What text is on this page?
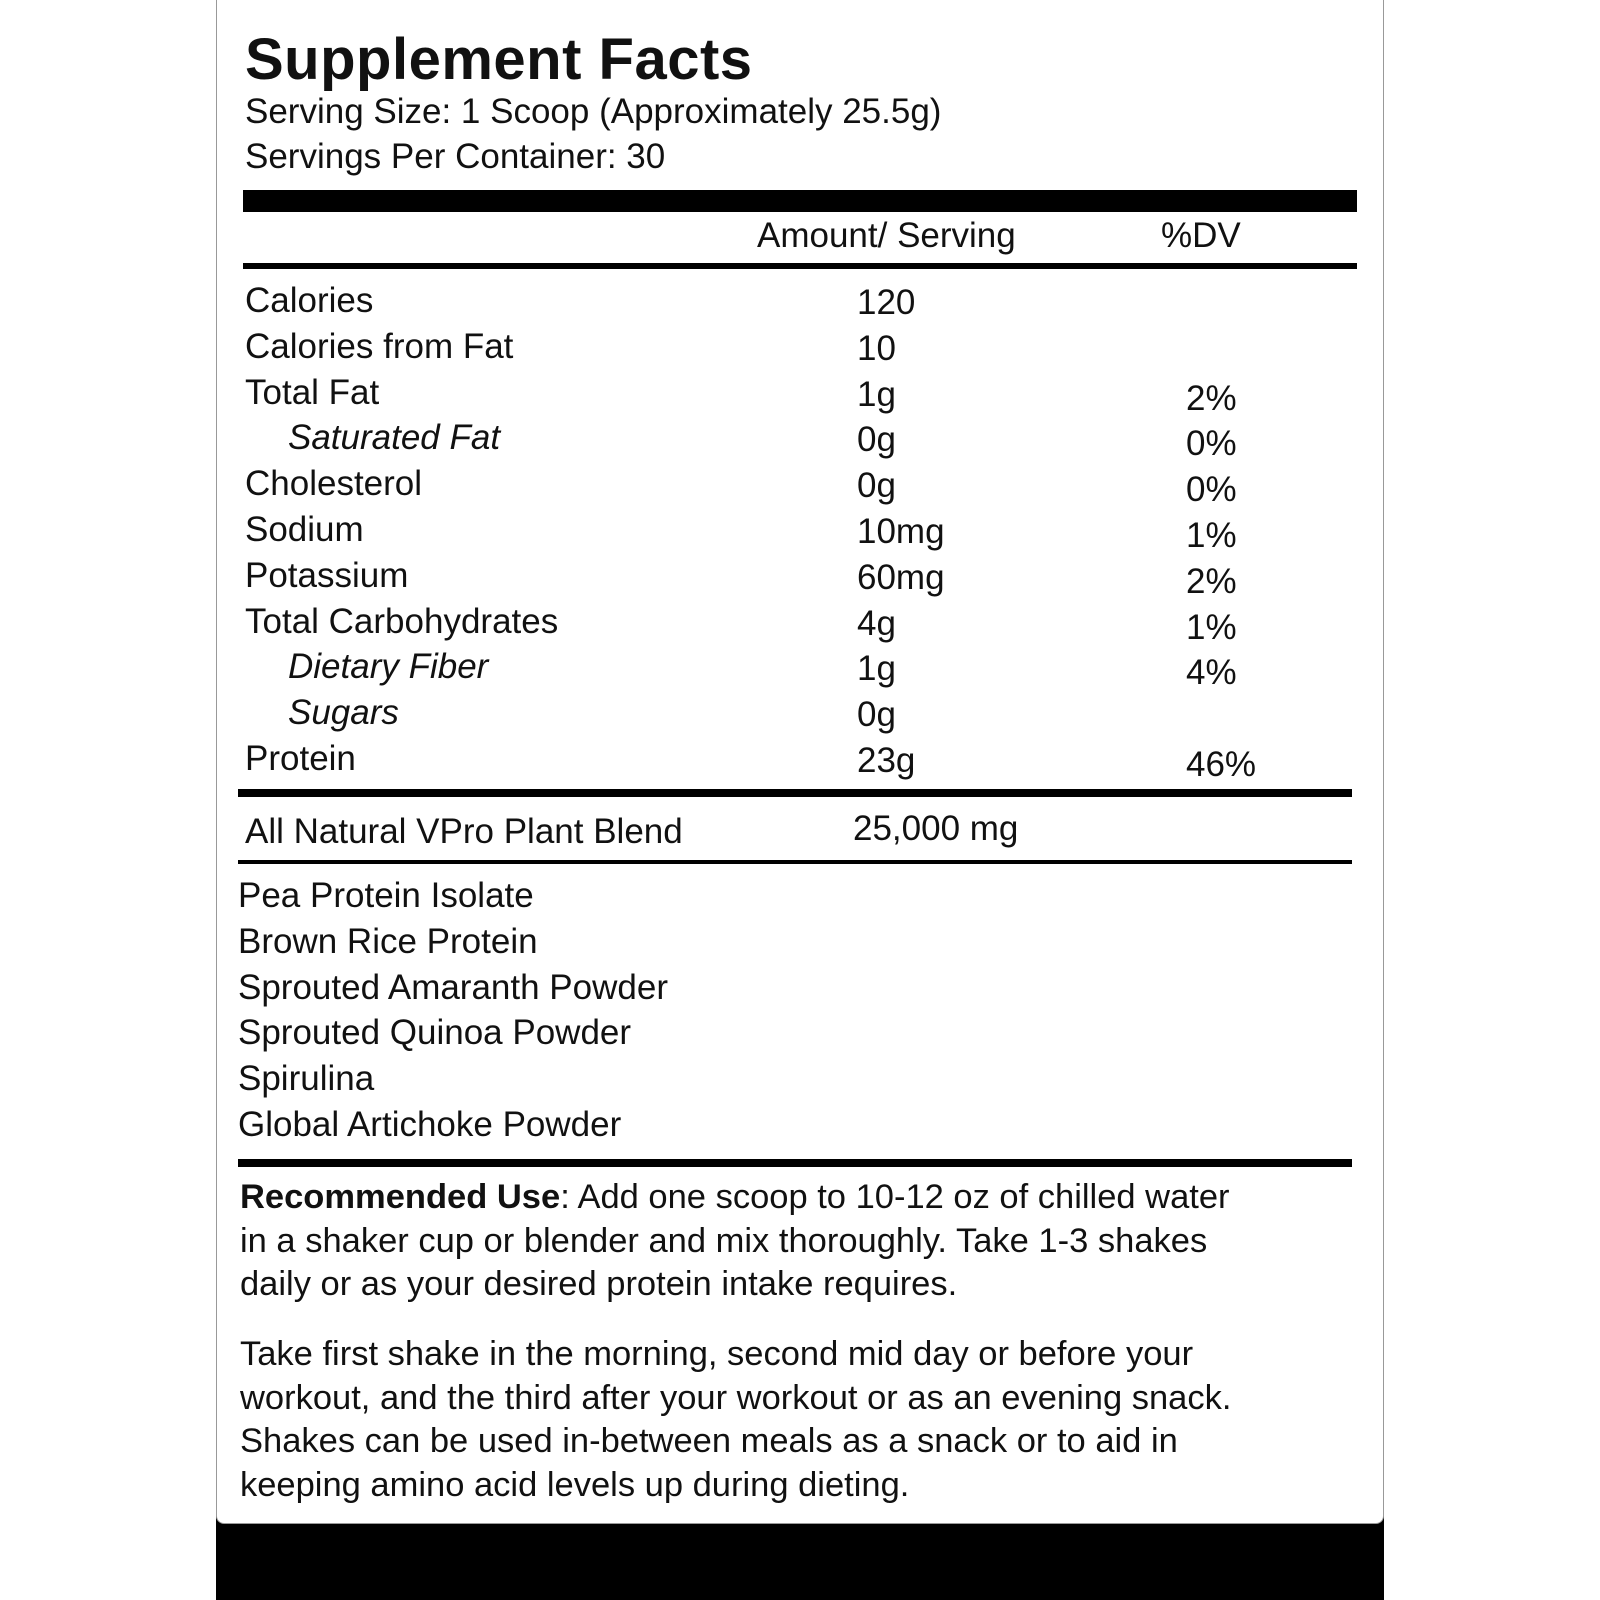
Supplement Facts
Serving Size: 1 Scoop (Approximately 25.5g)
Servings Per Container: 30
Amount/ Serving	%DV
Calories	120
Calories from Fat	10
Total Fat	1g	2%
Saturated Fat	0g	0%
Cholesterol	0g	0%
Sodium	10mg	1%
Potassium	60mg	2%
Total Carbohydrates	4g	1%
Dietary Fiber	1g	4%
Sugars	0g
Protein	23g	46%
All Natural VPro Plant Blend	25,000 mg
Pea Protein Isolate
Brown Rice Protein
Sprouted Amaranth Powder
Sprouted Quinoa Powder
Spirulina
Global Artichoke Powder
Recommended Use: Add one scoop to 10-12 oz of chilled water
in a shaker cup or blender and mix thoroughly. Take 1-3 shakes
daily or as your desired protein intake requires.
Take first shake in the morning, second mid day or before your
workout, and the third after your workout or as an evening snack.
Shakes can be used in-between meals as a snack or to aid in
keeping amino acid levels up during dieting.
